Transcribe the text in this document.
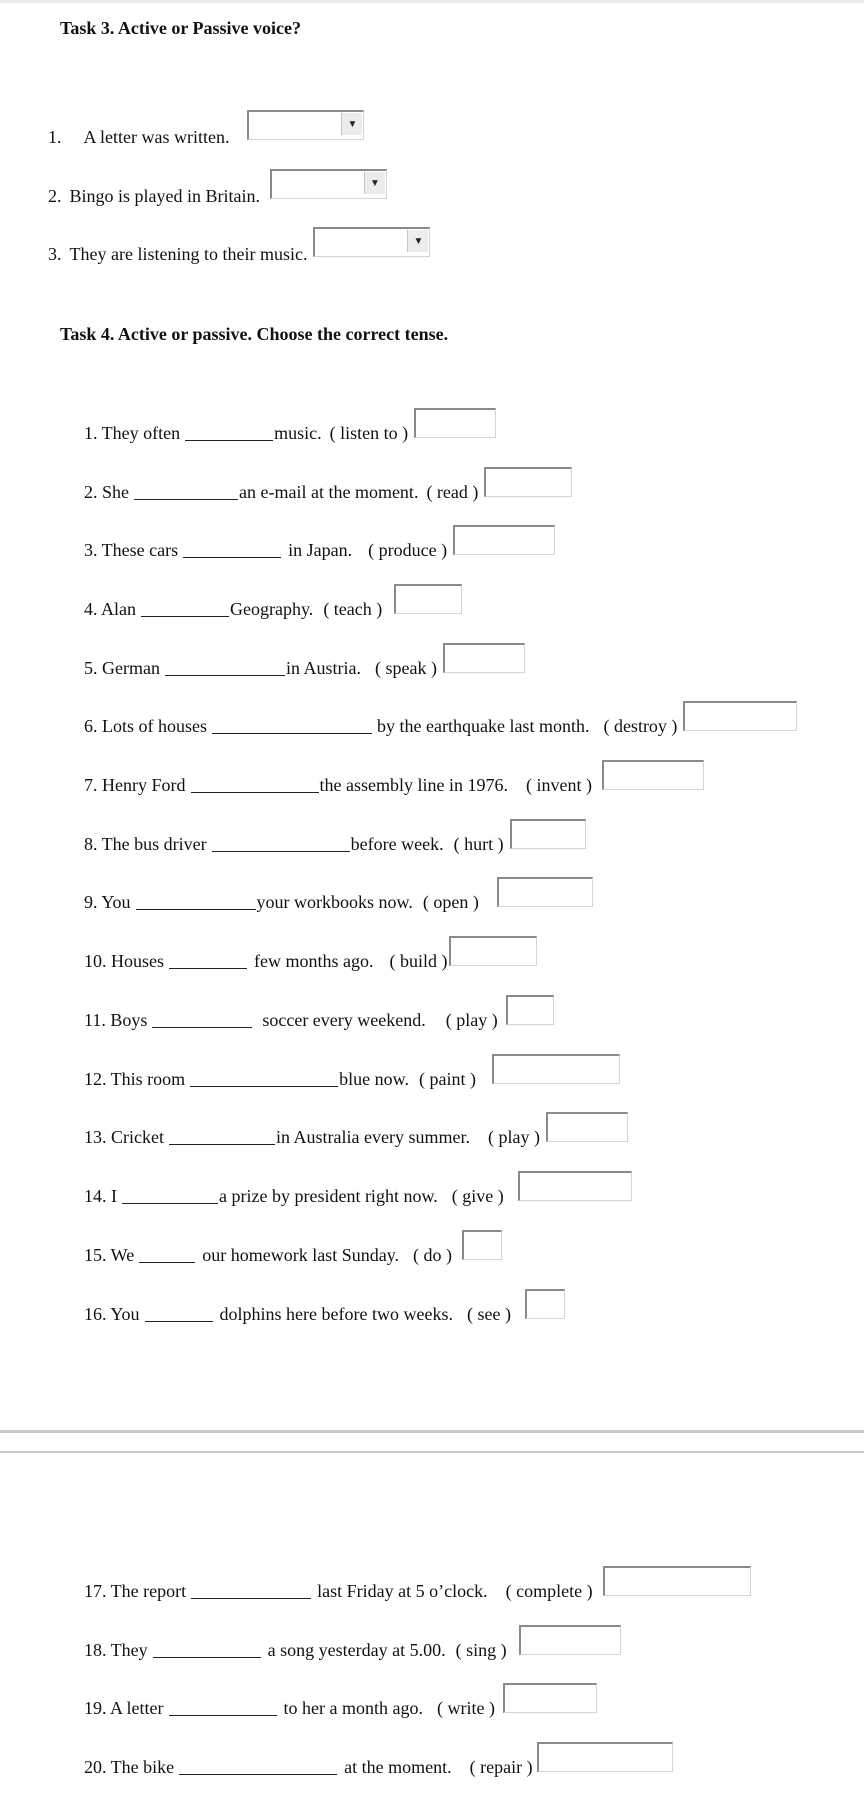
Task 3. Active or Passive voice?
1. A letter was written.
▼
2. Bingo is played in Britain.
▼
3. They are listening to their music.
▼
Task 4. Active or passive. Choose the correct tense.
1. They often	music. ( listen to )
2. She	an e-mail at the moment. ( read )
3. These cars	in Japan. ( produce )
4. Alan	Geography. ( teach )
5. German	in Austria. ( speak )
6. Lots of houses	by the earthquake last month. ( destroy )
7. Henry Ford	the assembly line in 1976. ( invent )
8. The bus driver	before week. ( hurt )
9. You	your workbooks now. ( open )
10. Houses	few months ago. ( build )
11. Boys	soccer every weekend. ( play )
12. This room	blue now. ( paint )
13. Cricket	in Australia every summer. ( play )
14. I	a prize by president right now. ( give )
15. We	our homework last Sunday. ( do )
16. You	dolphins here before two weeks. ( see )
17. The report	last Friday at 5 o’clock. ( complete )
18. They	a song yesterday at 5.00. ( sing )
19. A letter	to her a month ago. ( write )
20. The bike	at the moment. ( repair )
